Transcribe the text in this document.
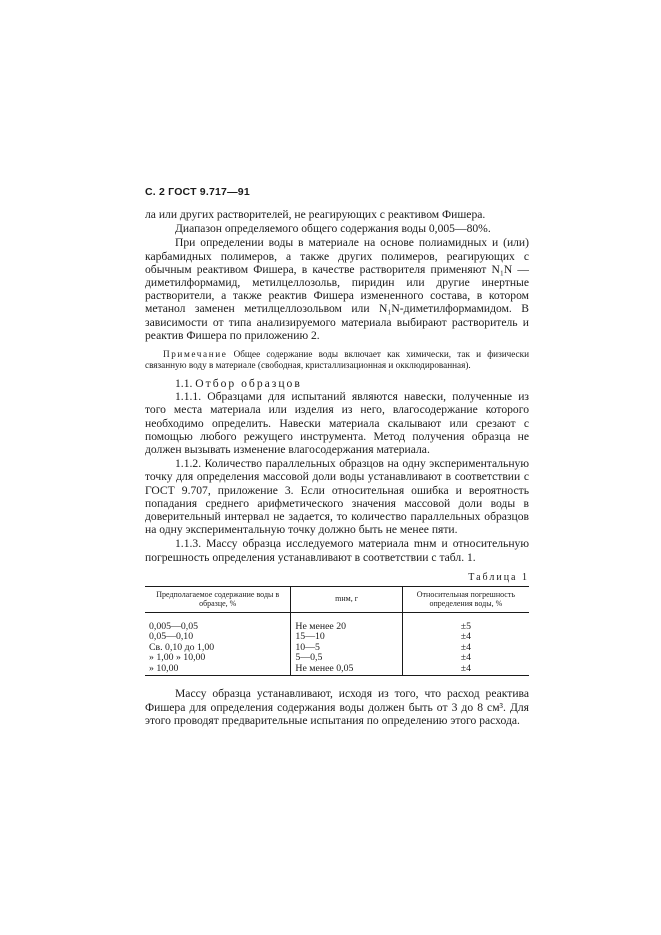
С. 2 ГОСТ 9.717—91

ла или других растворителей, не реагирующих с реактивом Фишера.

Диапазон определяемого общего содержания воды 0,005—80%.

При определении воды в материале на основе полиамидных и (или) карбамидных полимеров, а также других полимеров, реагирующих с обычным реактивом Фишера, в качестве растворителя применяют N₁N — диметилформамид, метилцеллозольв, пиридин или другие инертные растворители, а также реактив Фишера измененного состава, в котором метанол заменен метилцеллозольвом или N₁N-диметилформамидом. В зависимости от типа анализируемого материала выбирают растворитель и реактив Фишера по приложению 2.

Примечание Общее содержание воды включает как химически, так и физически связанную воду в материале (свободная, кристаллизационная и окклюдированная).

1.1. Отбор образцов

1.1.1. Образцами для испытаний являются навески, полученные из того места материала или изделия из него, влагосодержание которого необходимо определить. Навески материала скалывают или срезают с помощью любого режущего инструмента. Метод получения образца не должен вызывать изменение влагосодержания материала.

1.1.2. Количество параллельных образцов на одну экспериментальную точку для определения массовой доли воды устанавливают в соответствии с ГОСТ 9.707, приложение 3. Если относительная ошибка и вероятность попадания среднего арифметического значения массовой доли воды в доверительный интервал не задается, то количество параллельных образцов на одну экспериментальную точку должно быть не менее пяти.

1.1.3. Массу образца исследуемого материала mнм и относительную погрешность определения устанавливают в соответствии с табл. 1.

Таблица 1
Предполагаемое содержание воды в образце, %	mнм, г	Относительная погрешность определения воды, %
0,005—0,05	Не менее 20	±5
0,05—0,10	15—10	±4
Св. 0,10 до 1,00	10—5	±4
» 1,00 » 10,00	5—0,5	±4
» 10,00	Не менее 0,05	±4

Массу образца устанавливают, исходя из того, что расход реактива Фишера для определения содержания воды должен быть от 3 до 8 см³. Для этого проводят предварительные испытания по определению этого расхода.
